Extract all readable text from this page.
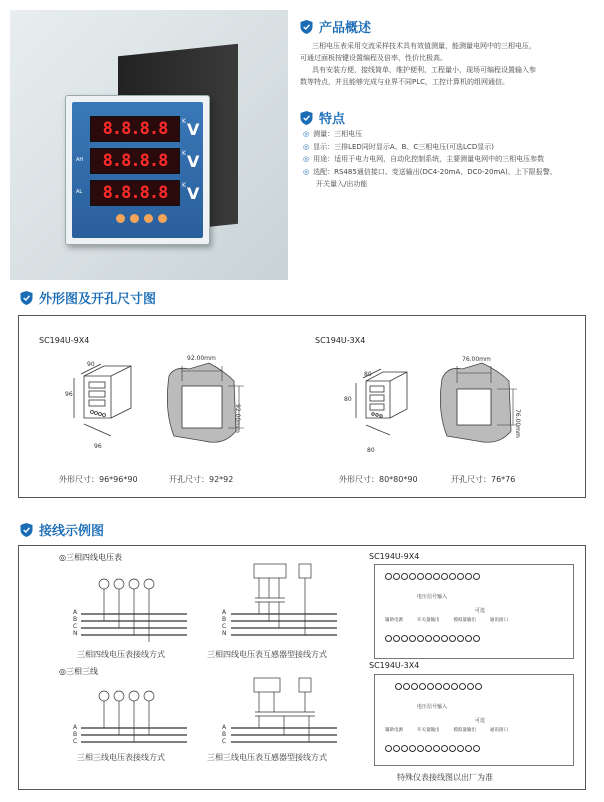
8.8.8.8
8.8.8.8
8.8.8.8
AH
AL
K
K
K
V
V
V
产品概述
三相电压表采用交流采样技术具有效值测量，能测量电网中的三相电压，
可通过面板按键设置编程及倍率，性价比极高。
具有安装方便，接线简单，维护便利，工程量小，现场可编程设置输入参
数等特点，并且能够完成与业界不同PLC，工控计算机的组网通信。
特点
◎ 测量：三相电压
◎ 显示：三排LED同时显示A、B、C三相电压(可选LCD显示)
◎ 用途：适用于电力电网，自动化控制系统，主要测量电网中的三相电压参数
◎ 选配：RS485通信接口、变送输出(DC4-20mA、DC0-20mA)、上下限报警、
开关量入/出功能
外形图及开孔尺寸图
SC194U-9X4	SC194U-3X4
90
96
96
92.00mm
92.00mm
80
80
80
76.00mm
76.00mm
外形尺寸：96*96*90	开孔尺寸：92*92	外形尺寸：80*80*90	开孔尺寸：76*76
接线示例图
◎三相四线电压表
A
B
C
N
三相四线电压表接线方式
A
B
C
N
三相四线电压表互感器型接线方式
◎三相三线
A
B
C
三相三线电压表接线方式
A
B
C
三相三线电压表互感器型接线方式
SC194U-9X4
电压信号输入
可选
辅助电源	开关量输出	模拟量输出	通讯接口
SC194U-3X4
电压信号输入
可选
辅助电源	开关量输出	模拟量输出	通讯接口
特殊仪表接线图以出厂为准
